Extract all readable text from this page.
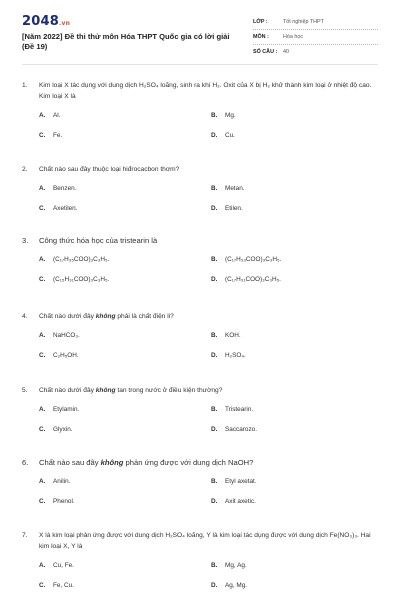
2048.vn
[Năm 2022] Đề thi thử môn Hóa THPT Quốc gia có lời giải (Đề 19)
LỚP :	Tốt nghiệp THPT
MÔN :	Hóa học
SỐ CÂU :	40
1.	Kim loại X tác dụng với dung dịch H₂SO₄ loãng, sinh ra khí H₂. Oxit của X bị H₂ khử thành kim loại ở nhiệt độ cao. Kim loại X là
A.	Al.	B.	Mg.
C.	Fe.	D.	Cu.
2.	Chất nào sau đây thuộc loại hiđrocacbon thơm?
A.	Benzen.	B.	Metan.
C.	Axetilen.	D.	Etilen.
3.	Công thức hóa học của tristearin là
A.	(C₁₇H₃₅COO)₃C₃H₅.	B.	(C₁₇H₃₃COO)₃C₃H₅.
C.	(C₁₅H₃₁COO)₃C₃H₅.	D.	(C₁₇H₃₁COO)₃C₃H₅.
4.	Chất nào dưới đây không phải là chất điện li?
A.	NaHCO₃.	B.	KOH.
C.	C₂H₅OH.	D.	H₂SO₄.
5.	Chất nào dưới đây không tan trong nước ở điều kiện thường?
A.	Etylamin.	B.	Tristearin.
C.	Glyxin.	D.	Saccarozo.
6.	Chất nào sau đây không phản ứng được với dung dịch NaOH?
A.	Anilin.	B.	Etyl axetat.
C.	Phenol.	D.	Axit axetic.
7.	X là kim loại phản ứng được với dung dịch H₂SO₄ loãng, Y là kim loại tác dụng được với dung dịch Fe(NO₃)₃. Hai kim loại X, Y là
A.	Cu, Fe.	B.	Mg, Ag.
C.	Fe, Cu.	D.	Ag, Mg.
